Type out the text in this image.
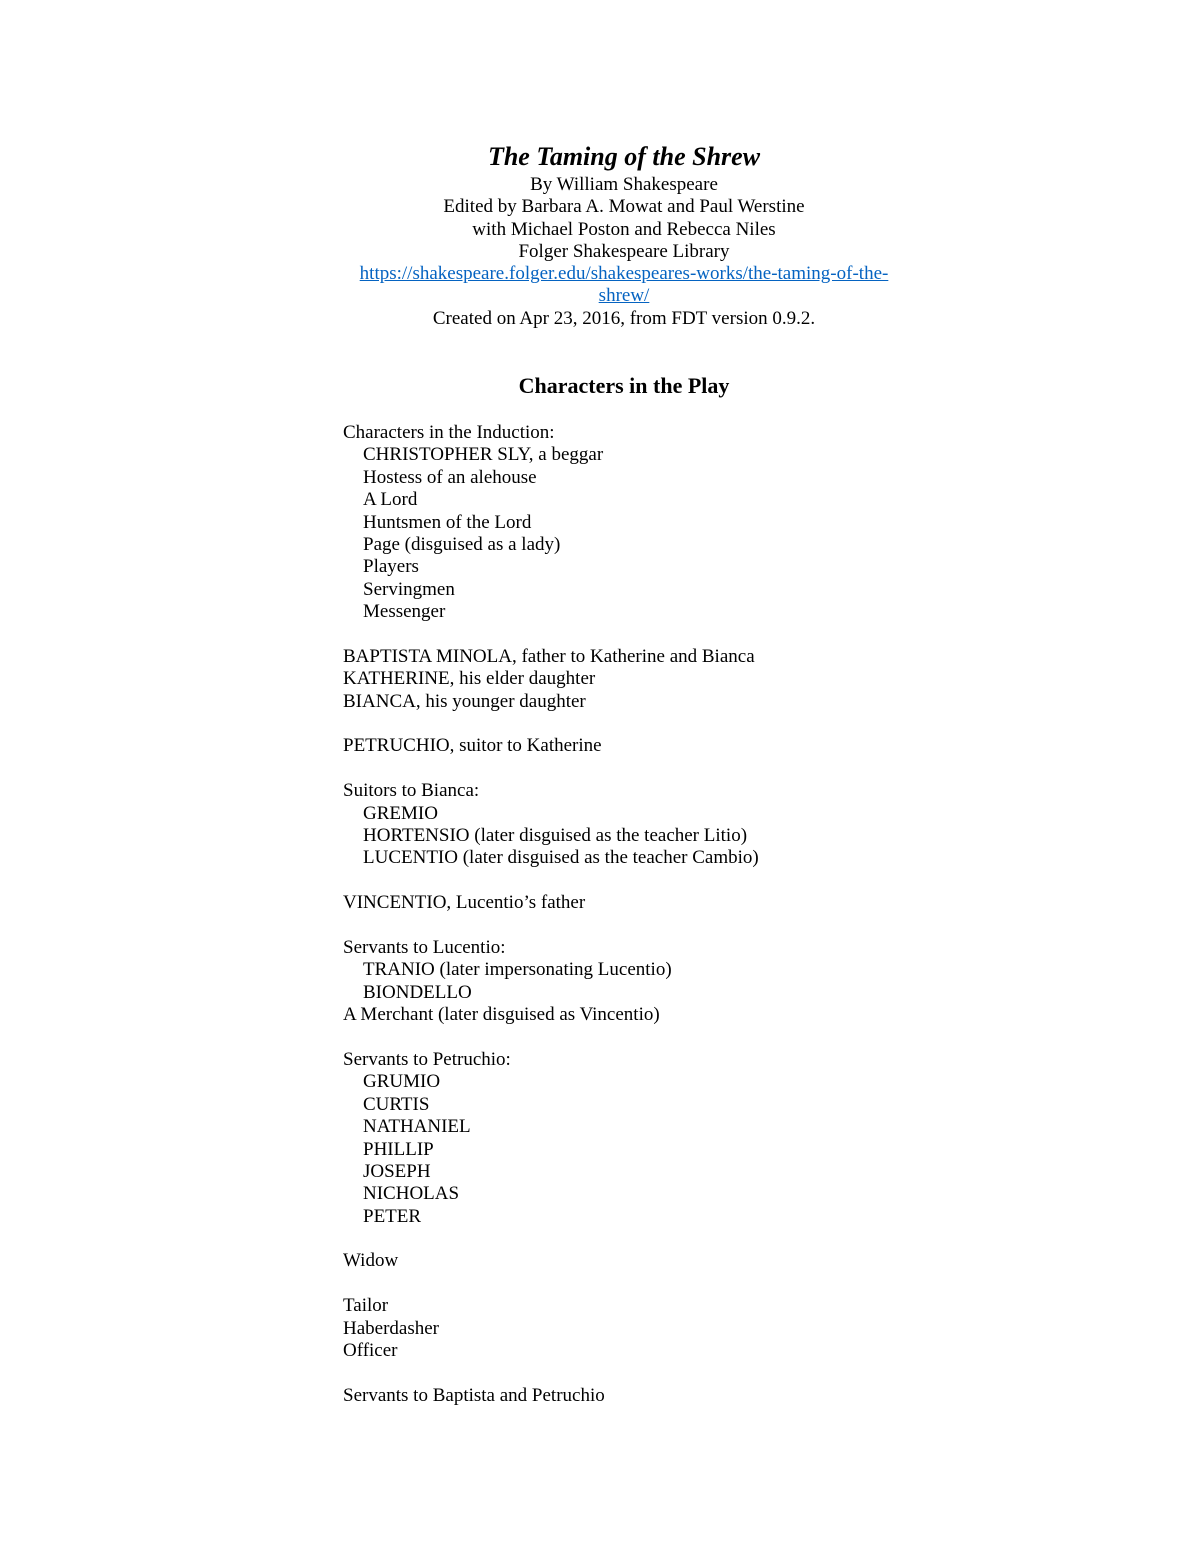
The Taming of the Shrew

By William Shakespeare

Edited by Barbara A. Mowat and Paul Werstine

with Michael Poston and Rebecca Niles

Folger Shakespeare Library

https://shakespeare.folger.edu/shakespeares-works/the-taming-of-the-
shrew/

Created on Apr 23, 2016, from FDT version 0.9.2.

Characters in the Play
Characters in the Induction:
CHRISTOPHER SLY, a beggar
Hostess of an alehouse
A Lord
Huntsmen of the Lord
Page (disguised as a lady)
Players
Servingmen
Messenger
BAPTISTA MINOLA, father to Katherine and Bianca
KATHERINE, his elder daughter
BIANCA, his younger daughter
PETRUCHIO, suitor to Katherine
Suitors to Bianca:
GREMIO
HORTENSIO (later disguised as the teacher Litio)
LUCENTIO (later disguised as the teacher Cambio)
VINCENTIO, Lucentio’s father
Servants to Lucentio:
TRANIO (later impersonating Lucentio)
BIONDELLO
A Merchant (later disguised as Vincentio)
Servants to Petruchio:
GRUMIO
CURTIS
NATHANIEL
PHILLIP
JOSEPH
NICHOLAS
PETER
Widow
Tailor
Haberdasher
Officer
Servants to Baptista and Petruchio
